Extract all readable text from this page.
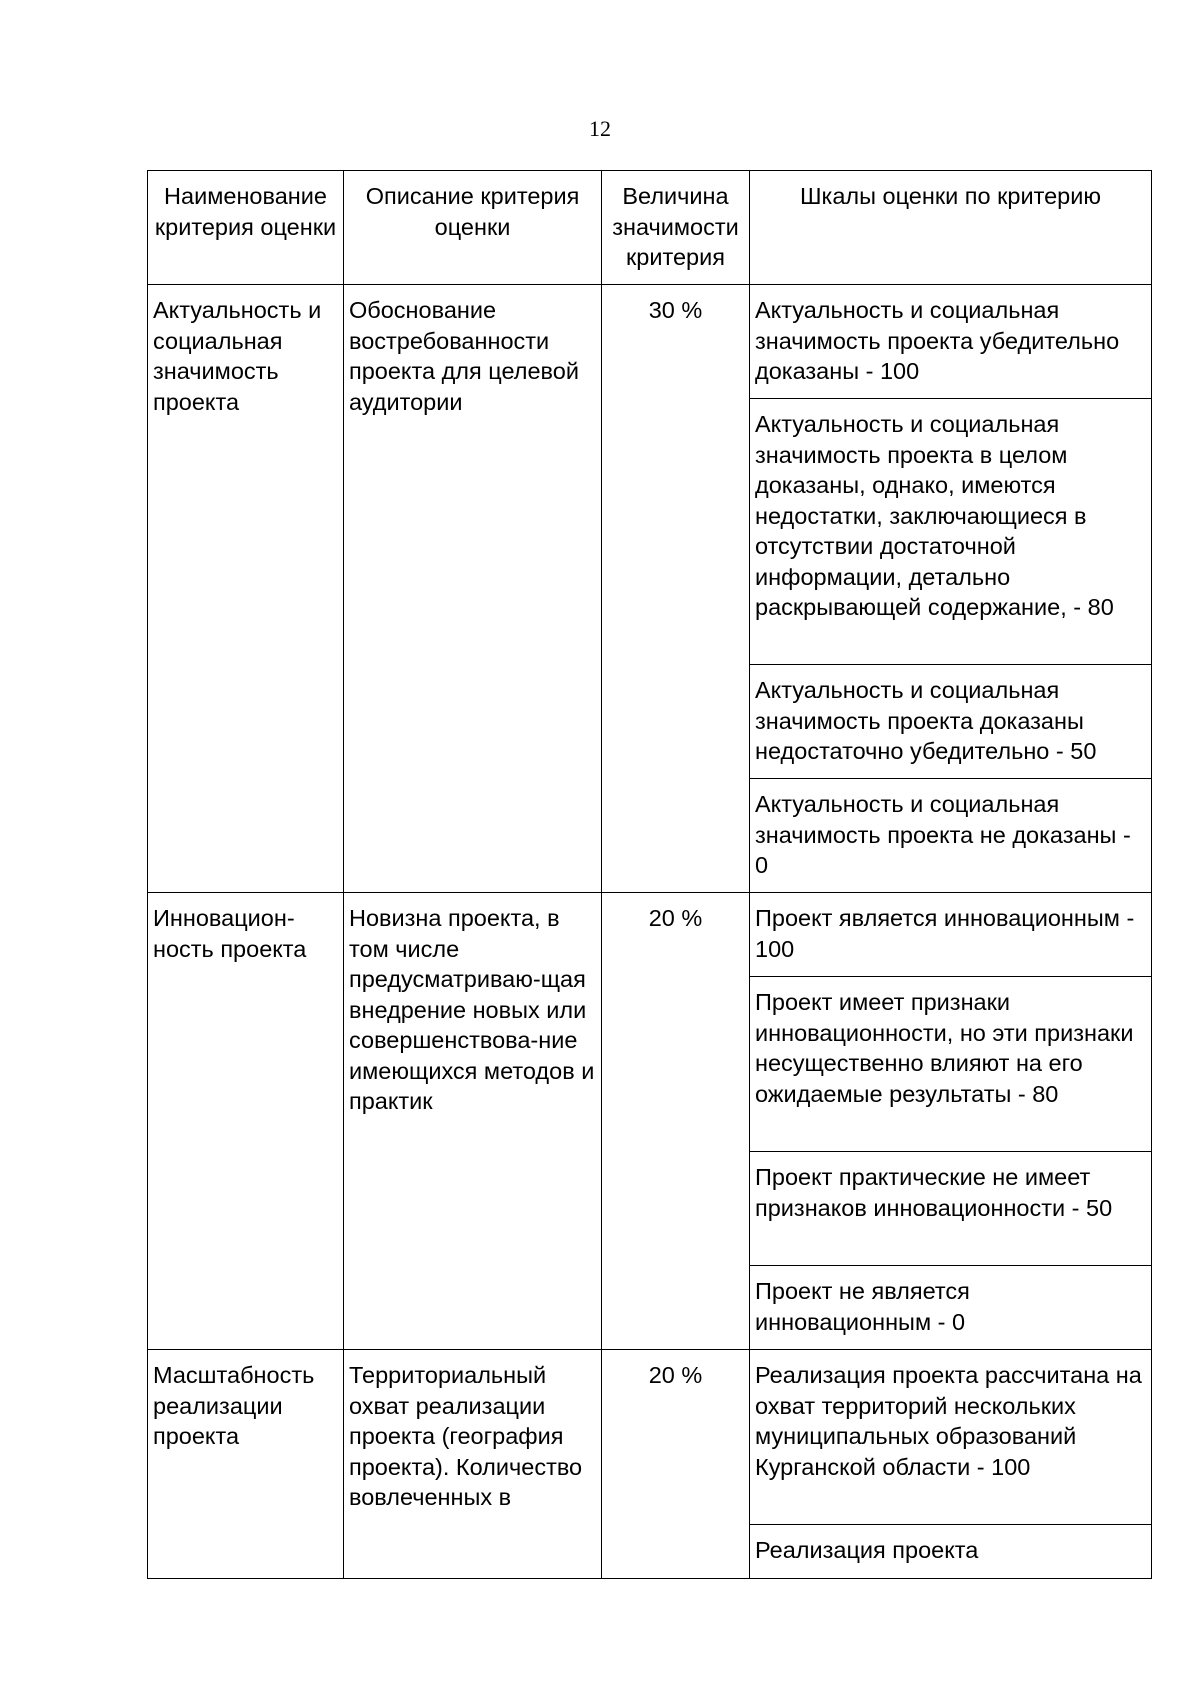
12
Наименование критерия оценки	Описание критерия оценки	Величина значимости критерия	Шкалы оценки по критерию
Актуальность и социальная значимость проекта	Обоснование востребованности проекта для целевой аудитории	30 %	Актуальность и социальная значимость проекта убедительно доказаны - 100
			Актуальность и социальная значимость проекта в целом доказаны, однако, имеются недостатки, заключающиеся в отсутствии достаточной информации, детально раскрывающей содержание, - 80
			Актуальность и социальная значимость проекта доказаны недостаточно убедительно - 50
			Актуальность и социальная значимость проекта не доказаны - 0
Инновацион-ность проекта	Новизна проекта, в том числе предусматриваю-щая внедрение новых или совершенствова-ние имеющихся методов и практик	20 %	Проект является инновационным - 100
			Проект имеет признаки инновационности, но эти признаки несущественно влияют на его ожидаемые результаты - 80
			Проект практические не имеет признаков инновационности - 50
			Проект не является инновационным - 0
Масштабность реализации проекта	Территориальный охват реализации проекта (география проекта). Количество вовлеченных в	20 %	Реализация проекта рассчитана на охват территорий нескольких муниципальных образований Курганской области - 100
			Реализация проекта
